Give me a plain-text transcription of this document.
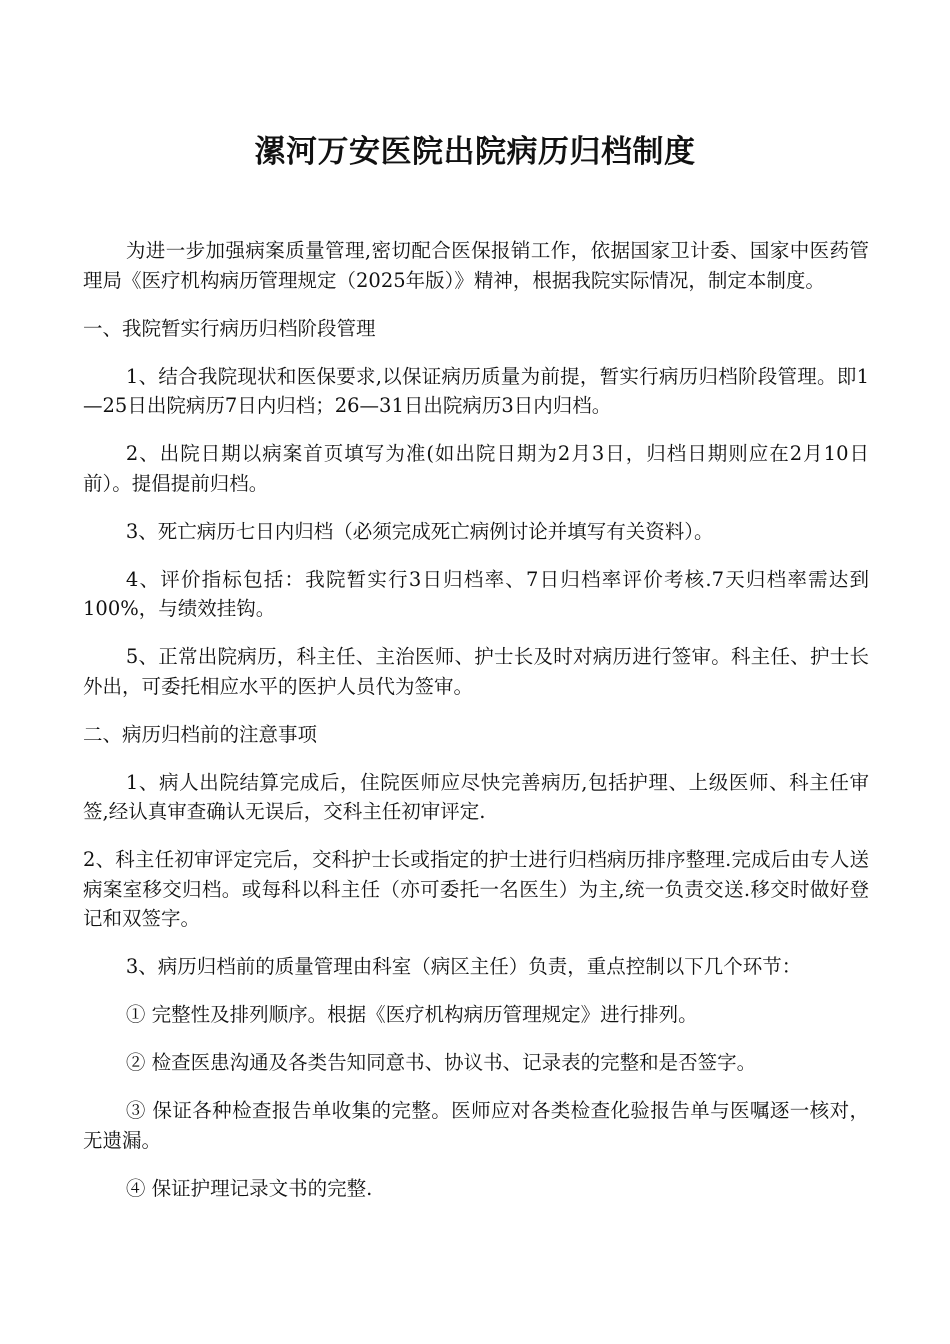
漯河万安医院出院病历归档制度

为进一步加强病案质量管理,密切配合医保报销工作，依据国家卫计委、国家中医药管理局《医疗机构病历管理规定（2025年版）》精神，根据我院实际情况，制定本制度。

一、我院暂实行病历归档阶段管理

1、结合我院现状和医保要求,以保证病历质量为前提，暂实行病历归档阶段管理。即1—25日出院病历7日内归档；26—31日出院病历3日内归档。

2、出院日期以病案首页填写为准(如出院日期为2月3日，归档日期则应在2月10日前）。提倡提前归档。

3、死亡病历七日内归档（必须完成死亡病例讨论并填写有关资料）。

4、评价指标包括：我院暂实行3日归档率、7日归档率评价考核.7天归档率需达到100%，与绩效挂钩。

5、正常出院病历，科主任、主治医师、护士长及时对病历进行签审。科主任、护士长外出，可委托相应水平的医护人员代为签审。

二、病历归档前的注意事项

1、病人出院结算完成后，住院医师应尽快完善病历,包括护理、上级医师、科主任审签,经认真审查确认无误后，交科主任初审评定.

2、科主任初审评定完后，交科护士长或指定的护士进行归档病历排序整理.完成后由专人送病案室移交归档。或每科以科主任（亦可委托一名医生）为主,统一负责交送.移交时做好登记和双签字。

3、病历归档前的质量管理由科室（病区主任）负责，重点控制以下几个环节：

① 完整性及排列顺序。根据《医疗机构病历管理规定》进行排列。

② 检查医患沟通及各类告知同意书、协议书、记录表的完整和是否签字。

③ 保证各种检查报告单收集的完整。医师应对各类检查化验报告单与医嘱逐一核对，无遗漏。

④ 保证护理记录文书的完整.
